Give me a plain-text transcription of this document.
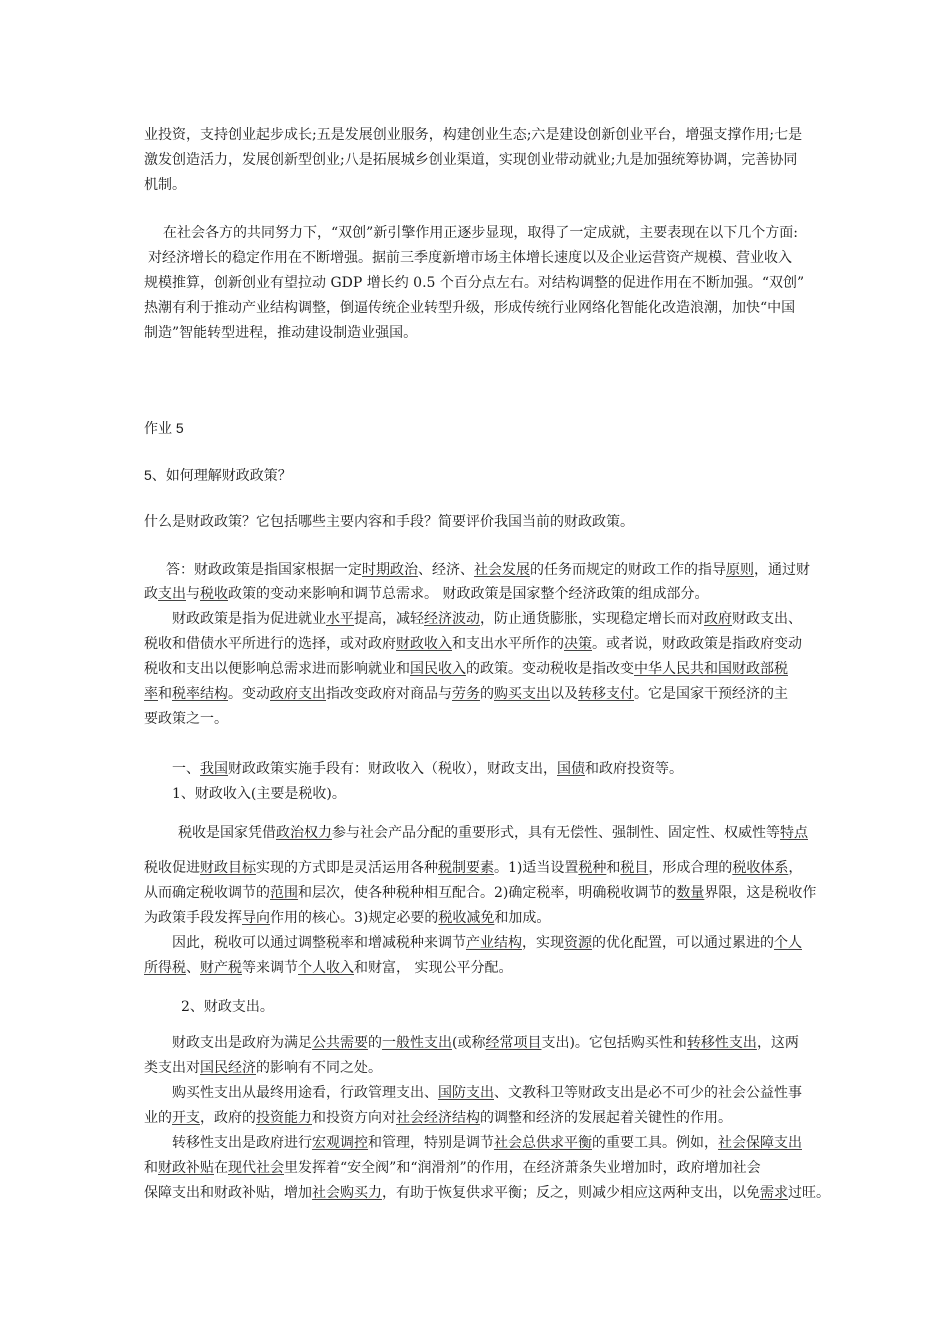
业投资，支持创业起步成长;五是发展创业服务，构建创业生态;六是建设创新创业平台，增强支撑作用;七是
激发创造活力，发展创新型创业;八是拓展城乡创业渠道，实现创业带动就业;九是加强统筹协调，完善协同
机制。
在社会各方的共同努力下，“双创”新引擎作用正逐步显现，取得了一定成就，主要表现在以下几个方面:
对经济增长的稳定作用在不断增强。据前三季度新增市场主体增长速度以及企业运营资产规模、营业收入
规模推算，创新创业有望拉动 GDP 增长约 0.5 个百分点左右。对结构调整的促进作用在不断加强。“双创”
热潮有利于推动产业结构调整，倒逼传统企业转型升级，形成传统行业网络化智能化改造浪潮，加快“中国
制造”智能转型进程，推动建设制造业强国。
作业 5
5、如何理解财政政策？
什么是财政政策？它包括哪些主要内容和手段？简要评价我国当前的财政政策。
答：财政政策是指国家根据一定时期政治、经济、社会发展的任务而规定的财政工作的指导原则，通过财
政支出与税收政策的变动来影响和调节总需求。 财政政策是国家整个经济政策的组成部分。
财政政策是指为促进就业水平提高，减轻经济波动，防止通货膨胀，实现稳定增长而对政府财政支出、
税收和借债水平所进行的选择，或对政府财政收入和支出水平所作的决策。或者说，财政政策是指政府变动
税收和支出以便影响总需求进而影响就业和国民收入的政策。变动税收是指改变中华人民共和国财政部税
率和税率结构。变动政府支出指改变政府对商品与劳务的购买支出以及转移支付。它是国家干预经济的主
要政策之一。
一、我国财政政策实施手段有：财政收入（税收），财政支出，国债和政府投资等。
1、财政收入(主要是税收)。
税收是国家凭借政治权力参与社会产品分配的重要形式，具有无偿性、强制性、固定性、权威性等特点
税收促进财政目标实现的方式即是灵活运用各种税制要素。1)适当设置税种和税目，形成合理的税收体系，
从而确定税收调节的范围和层次，使各种税种相互配合。2)确定税率，明确税收调节的数量界限，这是税收作
为政策手段发挥导向作用的核心。3)规定必要的税收减免和加成。
因此，税收可以通过调整税率和增减税种来调节产业结构，实现资源的优化配置，可以通过累进的个人
所得税、财产税等来调节个人收入和财富， 实现公平分配。
2、财政支出。
财政支出是政府为满足公共需要的一般性支出(或称经常项目支出)。它包括购买性和转移性支出，这两
类支出对国民经济的影响有不同之处。
购买性支出从最终用途看，行政管理支出、国防支出、文教科卫等财政支出是必不可少的社会公益性事
业的开支，政府的投资能力和投资方向对社会经济结构的调整和经济的发展起着关键性的作用。
转移性支出是政府进行宏观调控和管理，特别是调节社会总供求平衡的重要工具。例如，社会保障支出
和财政补贴在现代社会里发挥着“安全阀”和“润滑剂”的作用，在经济萧条失业增加时，政府增加社会
保障支出和财政补贴，增加社会购买力，有助于恢复供求平衡；反之，则减少相应这两种支出，以免需求过旺。
